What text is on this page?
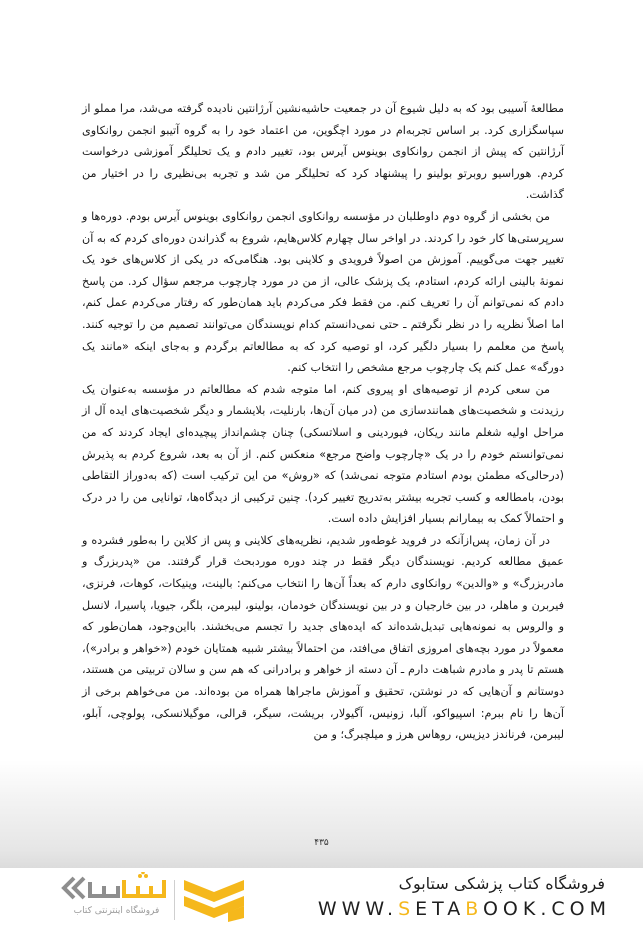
مطالعهٔ آسیبی بود که به دلیل شیوع آن در جمعیت حاشیه‌نشین آرژانتین نادیده گرفته می‌شد، مرا مملو از سپاسگزاری کرد. بر اساس تجربه‌ام در مورد اچگوین، من اعتماد خود را به گروه آتیبو انجمن روانکاوی آرژانتین که پیش از انجمن روانکاوی بوینوس آیرس بود، تغییر دادم و یک تحلیلگر آموزشی درخواست کردم. هوراسیو روبرتو بولینو را پیشنهاد کرد که تحلیلگر من شد و تجربه بی‌نظیری را در اختیار من گذاشت.

من بخشی از گروه دوم داوطلبان در مؤسسه روانکاوی انجمن روانکاوی بوینوس آیرس بودم. دوره‌ها و سرپرستی‌ها کار خود را کردند. در اواخر سال چهارم کلاس‌هایم، شروع به گذراندن دوره‌ای کردم که به آن تغییر جهت می‌گوییم. آموزش من اصولاً فرویدی و کلاینی بود. هنگامی‌که در یکی از کلاس‌های خود یک نمونهٔ بالینی ارائه کردم، استادم، یک پزشک عالی، از من در مورد چارچوب مرجعم سؤال کرد. من پاسخ دادم که نمی‌توانم آن را تعریف کنم. من فقط فکر می‌کردم باید همان‌طور که رفتار می‌کردم عمل کنم، اما اصلاً نظریه را در نظر نگرفتم ـ حتی نمی‌دانستم کدام نویسندگان می‌توانند تصمیم من را توجیه کنند. پاسخ من معلمم را بسیار دلگیر کرد، او توصیه کرد که به مطالعاتم برگردم و به‌جای اینکه «مانند یک دورگه» عمل کنم یک چارچوب مرجع مشخص را انتخاب کنم.

من سعی کردم از توصیه‌های او پیروی کنم، اما متوجه شدم که مطالعاتم در مؤسسه به‌عنوان یک رزیدنت و شخصیت‌های همانندسازی من (در میان آن‌ها، بارنلیت، بلایشمار و دیگر شخصیت‌های ایده آل از مراحل اولیه شغلم مانند ریکان، فیوردینی و اسلاتسکی) چنان چشم‌انداز پیچیده‌ای ایجاد کردند که من نمی‌توانستم خودم را در یک «چارچوب واضح مرجع» منعکس کنم. از آن به بعد، شروع کردم به پذیرش (درحالی‌که مطمئن بودم استادم متوجه نمی‌شد) که «روش» من این ترکیب است (که به‌دوراز التقاطی بودن، بامطالعه و کسب تجربه بیشتر به‌تدریج تغییر کرد). چنین ترکیبی از دیدگاه‌ها، توانایی من را در درک و احتمالاً کمک به بیمارانم بسیار افزایش داده است.

در آن زمان، پس‌ازآنکه در فروید غوطه‌ور شدیم، نظریه‌های کلاینی و پس از کلاین را به‌طور فشرده و عمیق مطالعه کردیم. نویسندگان دیگر فقط در چند دوره موردبحث قرار گرفتند. من «پدربزرگ و مادربزرگ» و «والدین» روانکاوی دارم که بعداً آن‌ها را انتخاب می‌کنم: بالینت، وینیکات، کوهات، فرنزی، فیربرن و ماهلر، در بین خارجیان و در بین نویسندگان خودمان، بولینو، لیبرمن، بلگر، جیویا، پاسیرا، لانسل و والروس به نمونه‌هایی تبدیل‌شده‌اند که ایده‌های جدید را تجسم می‌بخشند. بااین‌وجود، همان‌طور که معمولاً در مورد بچه‌های امروزی اتفاق می‌افتد، من احتمالاً بیشتر شبیه همتایان خودم («خواهر و برادر»)، هستم تا پدر و مادرم شباهت دارم ـ آن دسته از خواهر و برادرانی که هم سن و سالان تربیتی من هستند، دوستانم و آن‌هایی که در نوشتن، تحقیق و آموزش ماجراها همراه من بوده‌اند. من می‌خواهم برخی از آن‌ها را نام ببرم: اسپیواکو، آلبا، زونیس، آگیولار، بریشت، سیگر، قرالی، موگیلانسکی، پولوچی، آبلو، لیبرمن، فرناندز دیزیس، روهاس هرز و میلچبرگ؛ و من

۴۳۵
فروشگاه اینترنتی کتاب
فروشگاه کتاب پزشکی ستابوک
WWW.SETABOOK.COM
